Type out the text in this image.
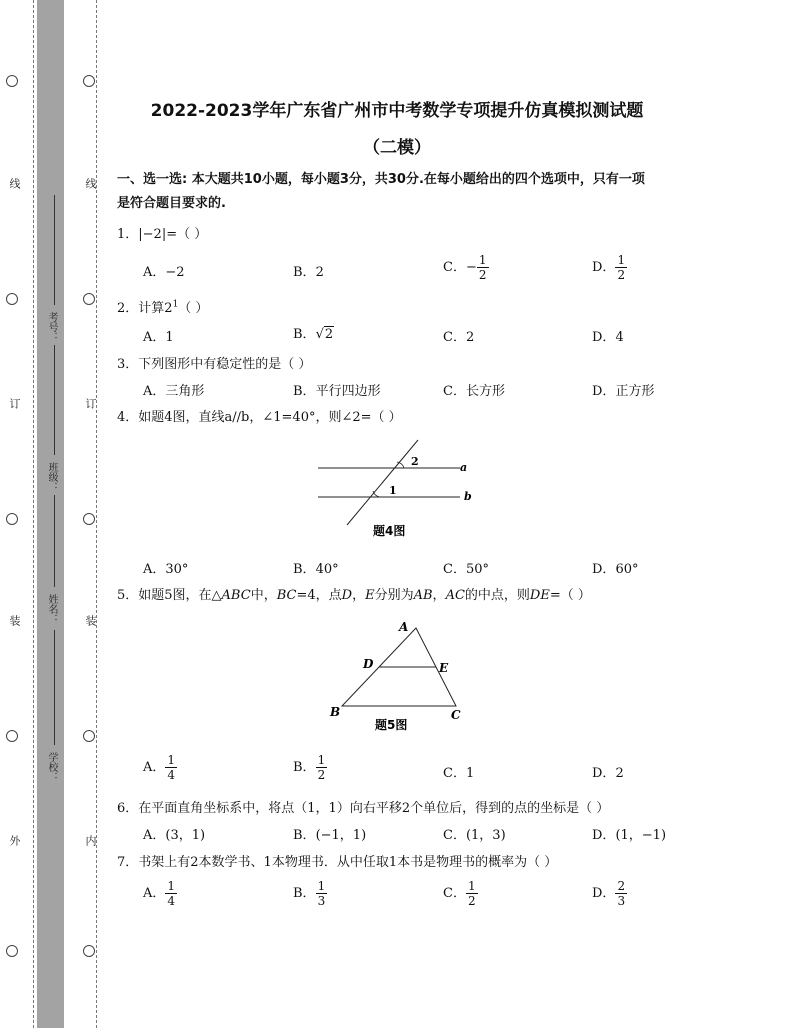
线
订
装
外
线
订
装
内
考号：
班级：
姓名：
学校：
2022-2023学年广东省广州市中考数学专项提升仿真模拟测试题
（二模）
一、选一选: 本大题共10小题，每小题3分，共30分.在每小题给出的四个选项中，只有一项
是符合题目要求的.
1．|−2|=（ ）
A．−2	B．2	C．− $\frac{1}{2}$	D． $\frac{1}{2}$
2．计算$2^1$（ ）
A．1	B．√2	C．2	D．4
3．下列图形中有稳定性的是（ ）
A．三角形	B．平行四边形	C．长方形	D．正方形
4．如题4图，直线a//b，∠1=40°，则∠2=（ ）
2	a
1	b
题4图
A．30°	B．40°	C．50°	D．60°
5．如题5图，在△ABC中，BC=4，点D，E分别为AB，AC的中点，则DE=（ ）
A
D	E
B	C
题5图
A． $\frac{1}{4}$	B． $\frac{1}{2}$	C．1	D．2
6．在平面直角坐标系中，将点（1，1）向右平移2个单位后，得到的点的坐标是（ ）
A．(3，1)	B．(−1，1)	C．(1，3)	D．(1，−1)
7．书架上有2本数学书、1本物理书．从中任取1本书是物理书的概率为（ ）
A． $\frac{1}{4}$	B． $\frac{1}{3}$	C． $\frac{1}{2}$	D． $\frac{2}{3}$
